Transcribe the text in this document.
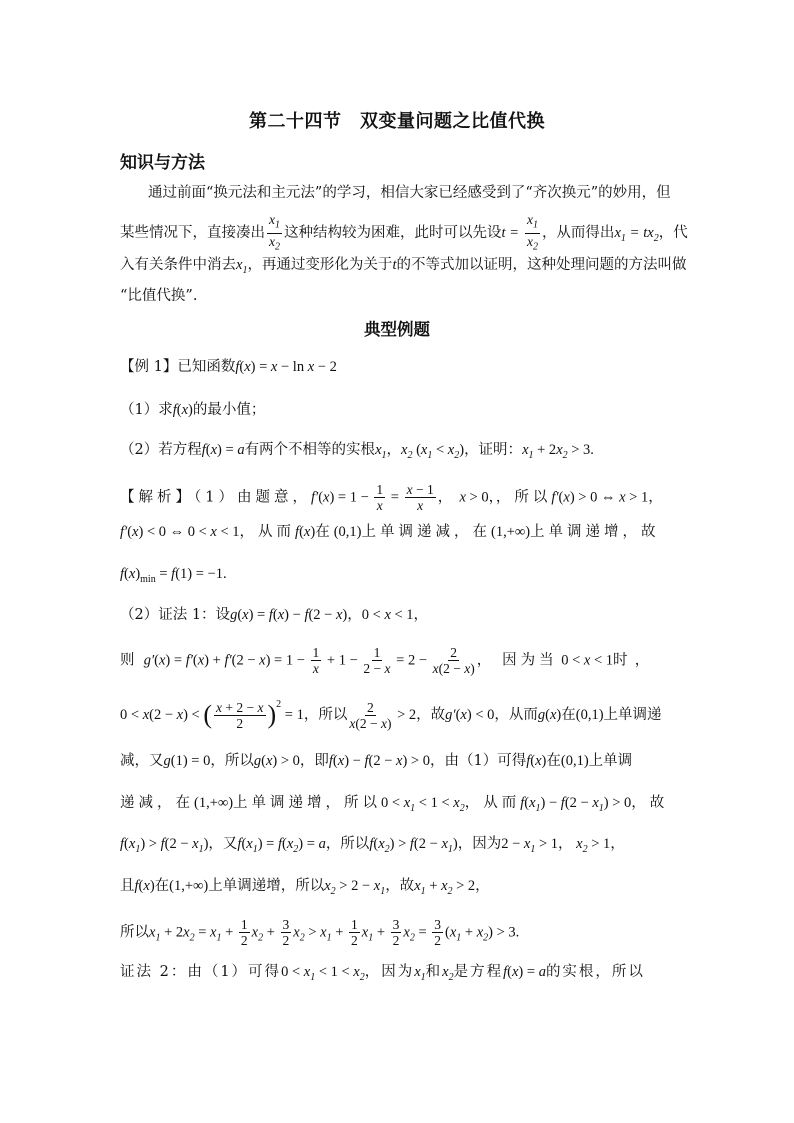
第二十四节　双变量问题之比值代换
知识与方法
通过前面“换元法和主元法”的学习，相信大家已经感受到了“齐次换元”的妙用，但
某些情况下，直接凑出 $\frac{x_1}{x_2}$ 这种结构较为困难，此时可以先设$t = \frac{x_1}{x_2}$ ，从而得出$x_1 = tx_2$，代
入有关条件中消去$x_1$，再通过变形化为关于t的不等式加以证明，这种处理问题的方法叫做
“比值代换”.
典型例题
【例 1】已知函数f(x) = x − ln x − 2
（1）求f(x)的最小值；
（2）若方程f(x) = a有两个不相等的实根$x_1$，$x_2$ $(x_1 < x_2)$，证明：$x_1 + 2x_2 > 3$.
【解析】（1）由题意，$f'(x) = 1 - \frac{1}{x} = \frac{x - 1}{x}$ ，  x > 0，，所以f′(x) > 0 ⇔ x > 1，
f′(x) < 0 ⇔ 0 < x < 1，从而f(x)在(0,1)上单调递减，在(1,+∞)上单调递增，故
$f(x)_{min} = f(1) = -1$.
（2）证法 1：设g(x) = f(x) − f(2 − x)，0 < x < 1，
则 $g'(x) = f'(x) + f'(2 - x) = 1 - \frac{1}{x} + 1 - \frac{1}{2 - x} = 2 - \frac{2}{x(2 - x)}$ ，   因为当 0 < x < 1时  ，
0 < x(2 − x) < ( $\frac{x + 2 - x}{2} )^2 = 1$，所以 $\frac{2}{x(2 - x)} > 2$，故g′(x) < 0，从而g(x)在(0,1)上单调递
减，又g(1) = 0，所以g(x) > 0，即f(x) − f(2 − x) > 0，由（1）可得f(x)在(0,1)上单调
递减，在(1,+∞)上单调递增，所以$0 < x_1 < 1 < x_2$，从而$f(x_1) - f(2 - x_1) > 0$，故
$f(x_1) > f(2 - x_1)$，又$f(x_1) = f(x_2) = a$，所以$f(x_2) > f(2 - x_1)$，因为$2 - x_1 > 1$， $x_2 > 1$，
且f(x)在(1,+∞)上单调递增，所以$x_2 > 2 - x_1$，故$x_1 + x_2 > 2$，
所以$x_1 + 2x_2 = x_1 + \frac{1}{2} x_2 + \frac{3}{2} x_2 > x_1 + \frac{1}{2} x_1 + \frac{3}{2} x_2 = \frac{3}{2} (x_1 + x_2) > 3$.
证法 2：由（1）可得$0 < x_1 < 1 < x_2$，因为$x_1$和$x_2$是方程f(x) = a的实根，所以
